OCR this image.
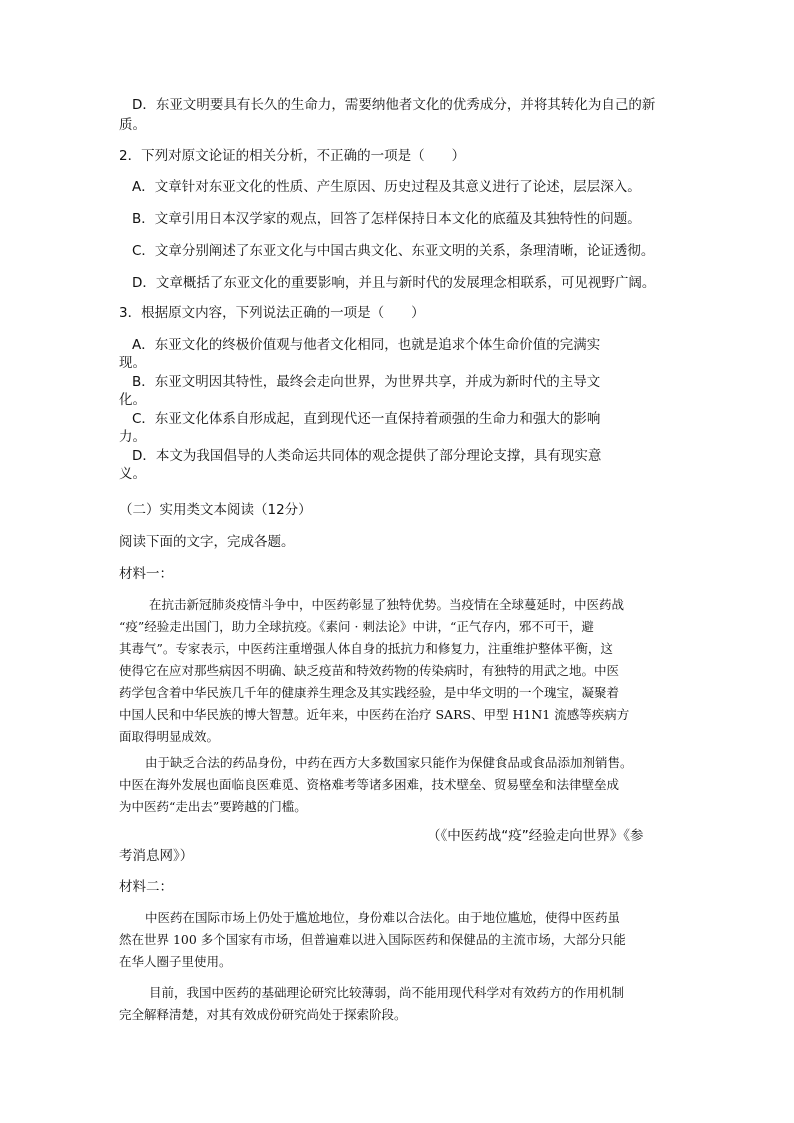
D．东亚文明要具有长久的生命力，需要纳他者文化的优秀成分，并将其转化为自己的新
质。
2．下列对原文论证的相关分析，不正确的一项是（　　）
A．文章针对东亚文化的性质、产生原因、历史过程及其意义进行了论述，层层深入。
B．文章引用日本汉学家的观点，回答了怎样保持日本文化的底蕴及其独特性的问题。
C．文章分别阐述了东亚文化与中国古典文化、东亚文明的关系，条理清晰，论证透彻。
D．文章概括了东亚文化的重要影响，并且与新时代的发展理念相联系，可见视野广阔。
3．根据原文内容，下列说法正确的一项是（　　）
A．东亚文化的终极价值观与他者文化相同，也就是追求个体生命价值的完满实
现。
B．东亚文明因其特性，最终会走向世界，为世界共享，并成为新时代的主导文
化。
C．东亚文化体系自形成起，直到现代还一直保持着顽强的生命力和强大的影响
力。
D．本文为我国倡导的人类命运共同体的观念提供了部分理论支撑，具有现实意
义。
（二）实用类文本阅读（12分）
阅读下面的文字，完成各题。
材料一：
在抗击新冠肺炎疫情斗争中，中医药彰显了独特优势。当疫情在全球蔓延时，中医药战
“疫”经验走出国门，助力全球抗疫。《素问 · 刺法论》中讲，“正气存内，邪不可干，避
其毒气”。专家表示，中医药注重增强人体自身的抵抗力和修复力，注重维护整体平衡，这
使得它在应对那些病因不明确、缺乏疫苗和特效药物的传染病时，有独特的用武之地。中医
药学包含着中华民族几千年的健康养生理念及其实践经验，是中华文明的一个瑰宝，凝聚着
中国人民和中华民族的博大智慧。近年来，中医药在治疗 SARS、甲型 H1N1 流感等疾病方
面取得明显成效。
由于缺乏合法的药品身份，中药在西方大多数国家只能作为保健食品或食品添加剂销售。
中医在海外发展也面临良医难觅、资格难考等诸多困难，技术壁垒、贸易壁垒和法律壁垒成
为中医药“走出去”要跨越的门槛。
（《中医药战“疫”经验走向世界》《参
考消息网》）
材料二：
中医药在国际市场上仍处于尴尬地位，身份难以合法化。由于地位尴尬，使得中医药虽
然在世界 100 多个国家有市场，但普遍难以进入国际医药和保健品的主流市场，大部分只能
在华人圈子里使用。
目前，我国中医药的基础理论研究比较薄弱，尚不能用现代科学对有效药方的作用机制
完全解释清楚，对其有效成份研究尚处于探索阶段。
